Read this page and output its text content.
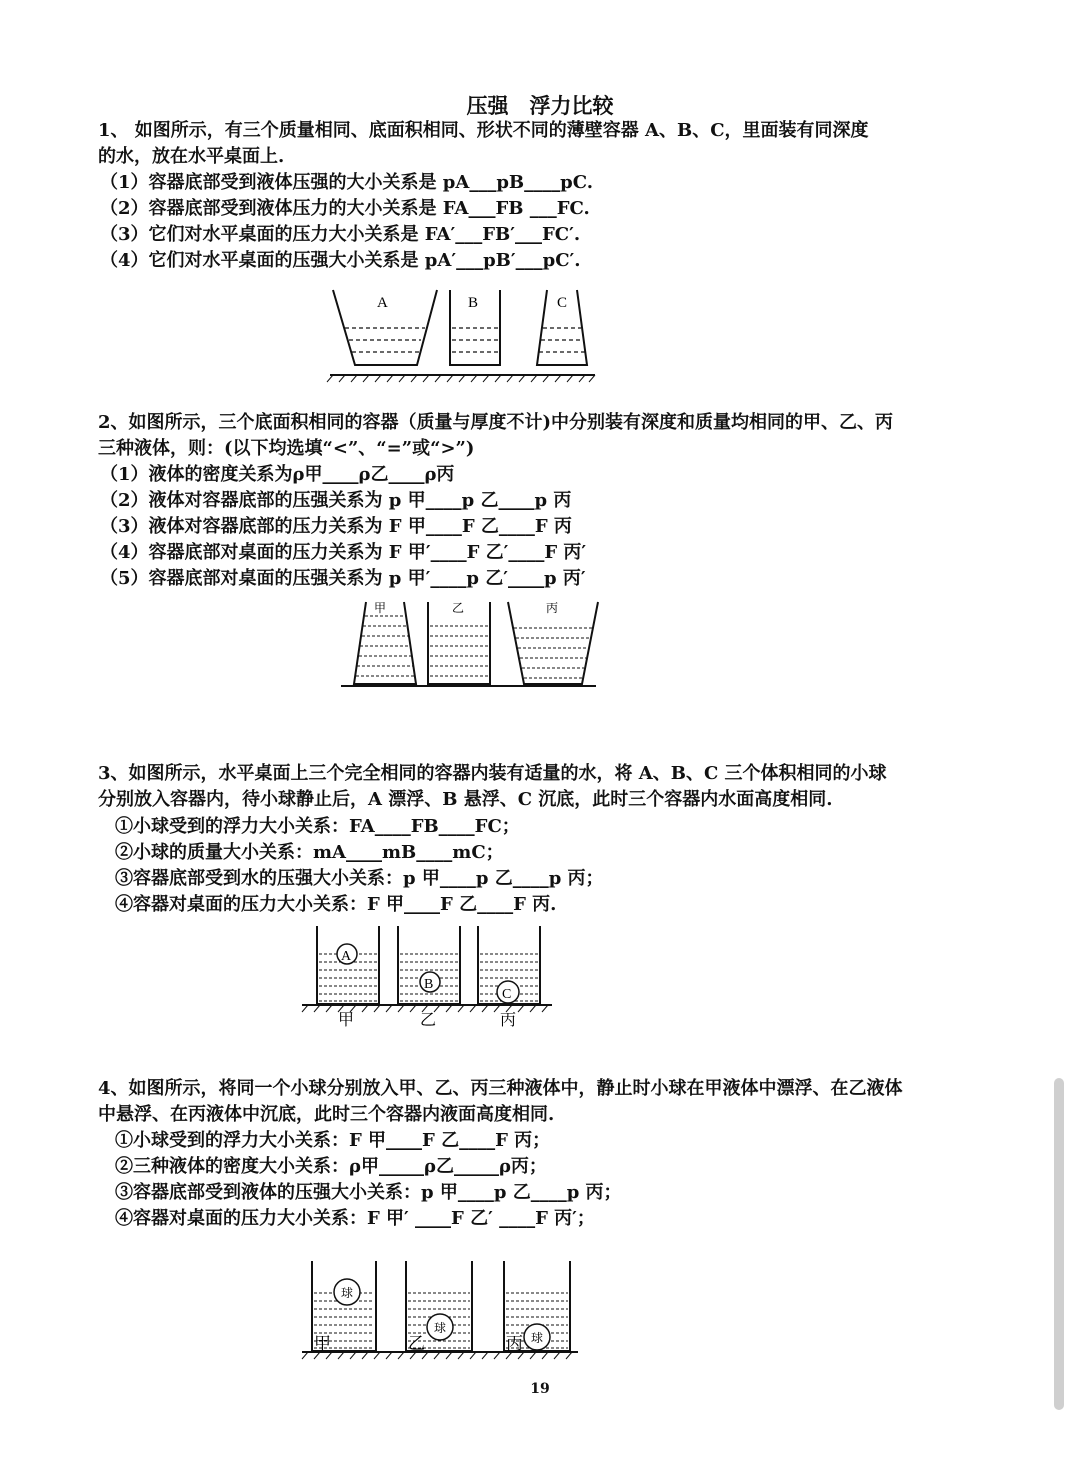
压强　浮力比较
1、 如图所示，有三个质量相同、底面积相同、形状不同的薄壁容器 A、B、C，里面装有同深度
的水，放在水平桌面上.
（1）容器底部受到液体压强的大小关系是 pA___pB____pC.
（2）容器底部受到液体压力的大小关系是 FA___FB ___FC.
（3）它们对水平桌面的压力大小关系是 FA′___FB′___FC′.
（4）它们对水平桌面的压强大小关系是 pA′___pB′___pC′.
A	B	C
2、如图所示，三个底面积相同的容器（质量与厚度不计)中分别装有深度和质量均相同的甲、乙、丙
三种液体，则：(以下均选填“<”、“=”或“>”)
（1）液体的密度关系为ρ甲____ρ乙____ρ丙
（2）液体对容器底部的压强关系为 p 甲____p 乙____p 丙
（3）液体对容器底部的压力关系为 F 甲____F 乙____F 丙
（4）容器底部对桌面的压力关系为 F 甲′____F 乙′____F 丙′
（5）容器底部对桌面的压强关系为 p 甲′____p 乙′____p 丙′
甲	乙	丙
3、如图所示，水平桌面上三个完全相同的容器内装有适量的水，将 A、B、C 三个体积相同的小球
分别放入容器内，待小球静止后，A 漂浮、B 悬浮、C 沉底，此时三个容器内水面高度相同.
①小球受到的浮力大小关系：FA____FB____FC；
②小球的质量大小关系：mA____mB____mC；
③容器底部受到水的压强大小关系：p 甲____p 乙____p 丙；
④容器对桌面的压力大小关系：F 甲____F 乙____F 丙.
A
B
C
甲	乙	丙
4、如图所示，将同一个小球分别放入甲、乙、丙三种液体中，静止时小球在甲液体中漂浮、在乙液体
中悬浮、在丙液体中沉底，此时三个容器内液面高度相同.
①小球受到的浮力大小关系：F 甲____F 乙____F 丙；
②三种液体的密度大小关系：ρ甲_____ρ乙_____ρ丙；
③容器底部受到液体的压强大小关系：p 甲____p 乙____p 丙；
④容器对桌面的压力大小关系：F 甲′ ____F 乙′ ____F 丙′；
球
球
球
甲	乙	丙
19
